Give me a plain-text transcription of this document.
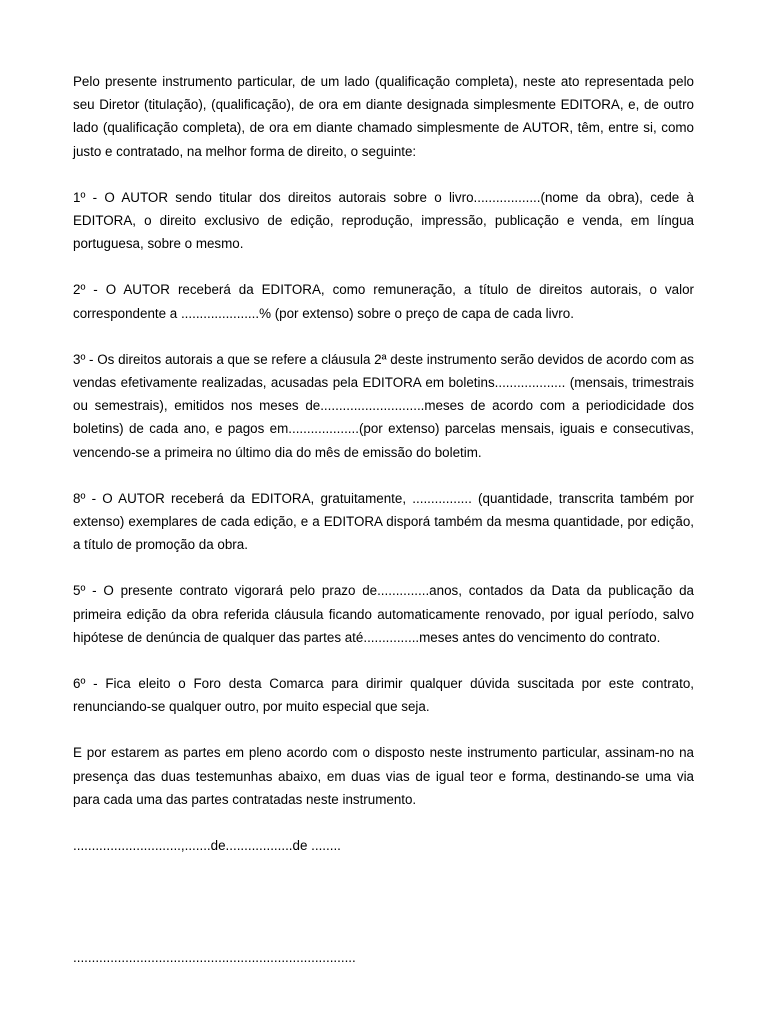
Pelo presente instrumento particular, de um lado (qualificação completa), neste ato representada pelo seu Diretor (titulação), (qualificação), de ora em diante designada simplesmente EDITORA, e, de outro lado (qualificação completa), de ora em diante chamado simplesmente de AUTOR, têm, entre si, como justo e contratado, na melhor forma de direito, o seguinte:

1º - O AUTOR sendo titular dos direitos autorais sobre o livro..................(nome da obra), cede à EDITORA, o direito exclusivo de edição, reprodução, impressão, publicação e venda, em língua portuguesa, sobre o mesmo.

2º - O AUTOR receberá da EDITORA, como remuneração, a título de direitos autorais, o valor correspondente a .....................% (por extenso) sobre o preço de capa de cada livro.

3º - Os direitos autorais a que se refere a cláusula 2ª deste instrumento serão devidos de acordo com as vendas efetivamente realizadas, acusadas pela EDITORA em boletins................... (mensais, trimestrais ou semestrais), emitidos nos meses de............................meses de acordo com a periodicidade dos boletins) de cada ano, e pagos em...................(por extenso) parcelas mensais, iguais e consecutivas, vencendo-se a primeira no último dia do mês de emissão do boletim.

8º - O AUTOR receberá da EDITORA, gratuitamente, ................ (quantidade, transcrita também por extenso) exemplares de cada edição, e a EDITORA disporá também da mesma quantidade, por edição, a título de promoção da obra.

5º - O presente contrato vigorará pelo prazo de..............anos, contados da Data da publicação da primeira edição da obra referida cláusula ficando automaticamente renovado, por igual período, salvo hipótese de denúncia de qualquer das partes até...............meses antes do vencimento do contrato.

6º - Fica eleito o Foro desta Comarca para dirimir qualquer dúvida suscitada por este contrato, renunciando-se qualquer outro, por muito especial que seja.

E por estarem as partes em pleno acordo com o disposto neste instrumento particular, assinam-no na presença das duas testemunhas abaixo, em duas vias de igual teor e forma, destinando-se uma via para cada uma das partes contratadas neste instrumento.

.............................,.......de..................de ........

............................................................................
